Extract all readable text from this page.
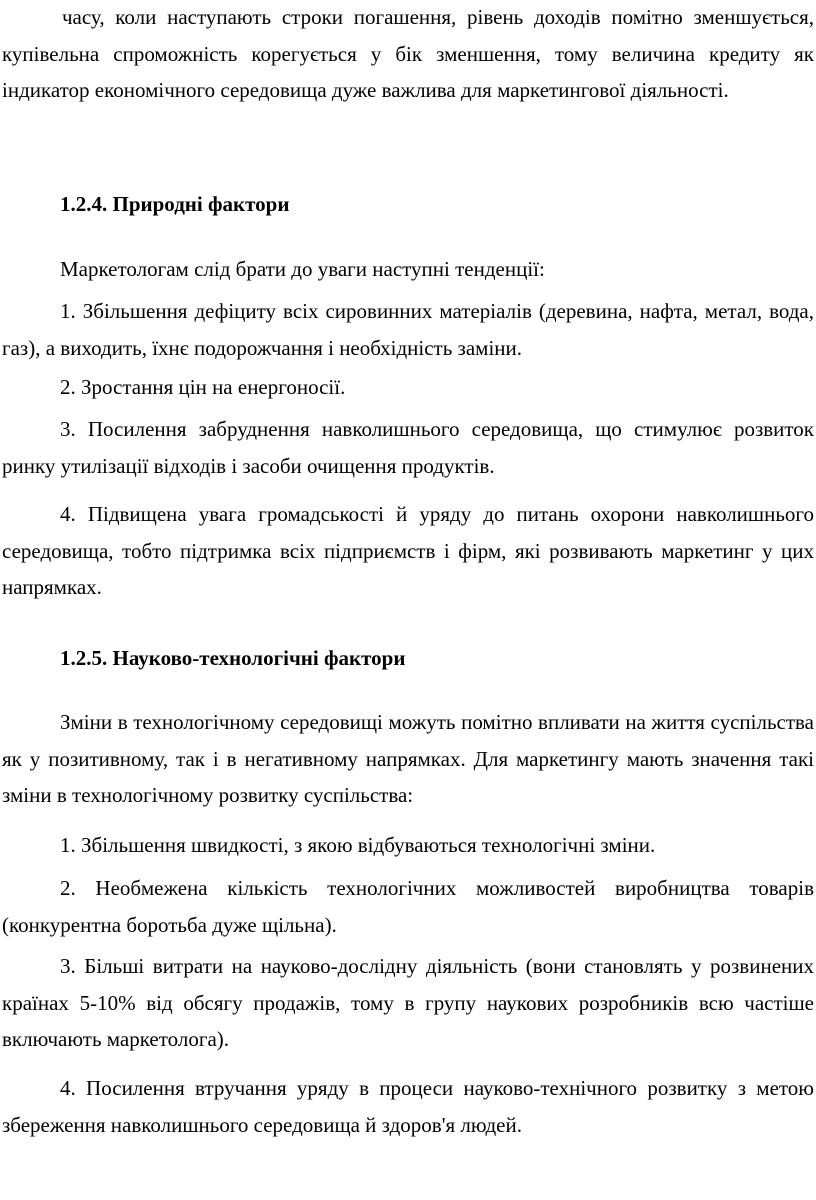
часу, коли наступають строки погашення, рівень доходів помітно зменшується, купівельна спроможність корегується у бік зменшення, тому величина кредиту як індикатор економічного середовища дуже важлива для маркетингової діяльності.

1.2.4. Природні фактори

Маркетологам слід брати до уваги наступні тенденції:

1. Збільшення дефіциту всіх сировинних матеріалів (деревина, нафта, метал, вода, газ), а виходить, їхнє подорожчання і необхідність заміни.

2. Зростання цін на енергоносії.

3. Посилення забруднення навколишнього середовища, що стимулює розвиток ринку утилізації відходів і засоби очищення продуктів.

4. Підвищена увага громадськості й уряду до питань охорони навколишнього середовища, тобто підтримка всіх підприємств і фірм, які розвивають маркетинг у цих напрямках.

1.2.5. Науково-технологічні фактори

Зміни в технологічному середовищі можуть помітно впливати на життя суспільства як у позитивному, так і в негативному напрямках. Для маркетингу мають значення такі зміни в технологічному розвитку суспільства:

1. Збільшення швидкості, з якою відбуваються технологічні зміни.

2. Необмежена кількість технологічних можливостей виробництва товарів (конкурентна боротьба дуже щільна).

3. Більші витрати на науково-дослідну діяльність (вони становлять у розвинених країнах 5-10% від обсягу продажів, тому в групу наукових розробників всю частіше включають маркетолога).

4. Посилення втручання уряду в процеси науково-технічного розвитку з метою збереження навколишнього середовища й здоров'я людей.
